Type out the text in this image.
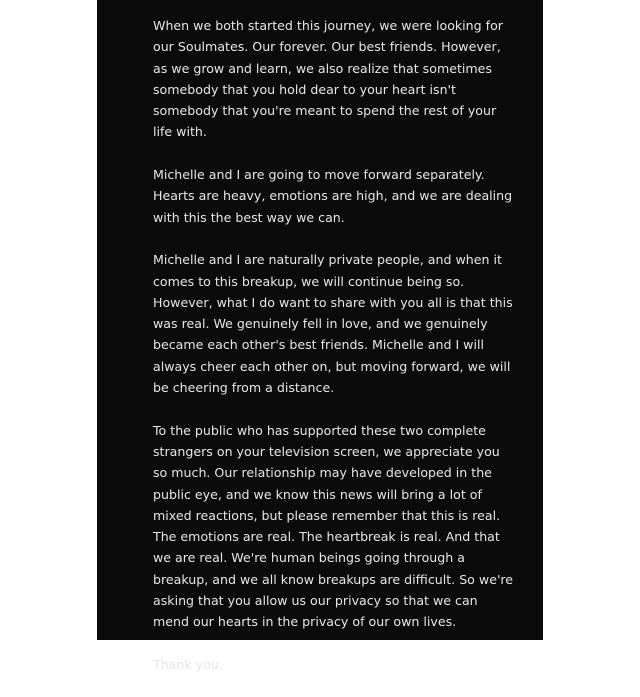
When we both started this journey, we were looking for
our Soulmates. Our forever. Our best friends. However,
as we grow and learn, we also realize that sometimes
somebody that you hold dear to your heart isn't
somebody that you're meant to spend the rest of your
life with.

Michelle and I are going to move forward separately.
Hearts are heavy, emotions are high, and we are dealing
with this the best way we can.

Michelle and I are naturally private people, and when it
comes to this breakup, we will continue being so.
However, what I do want to share with you all is that this
was real. We genuinely fell in love, and we genuinely
became each other's best friends. Michelle and I will
always cheer each other on, but moving forward, we will
be cheering from a distance.

To the public who has supported these two complete
strangers on your television screen, we appreciate you
so much. Our relationship may have developed in the
public eye, and we know this news will bring a lot of
mixed reactions, but please remember that this is real.
The emotions are real. The heartbreak is real. And that
we are real. We're human beings going through a
breakup, and we all know breakups are difficult. So we're
asking that you allow us our privacy so that we can
mend our hearts in the privacy of our own lives.

Thank you.
